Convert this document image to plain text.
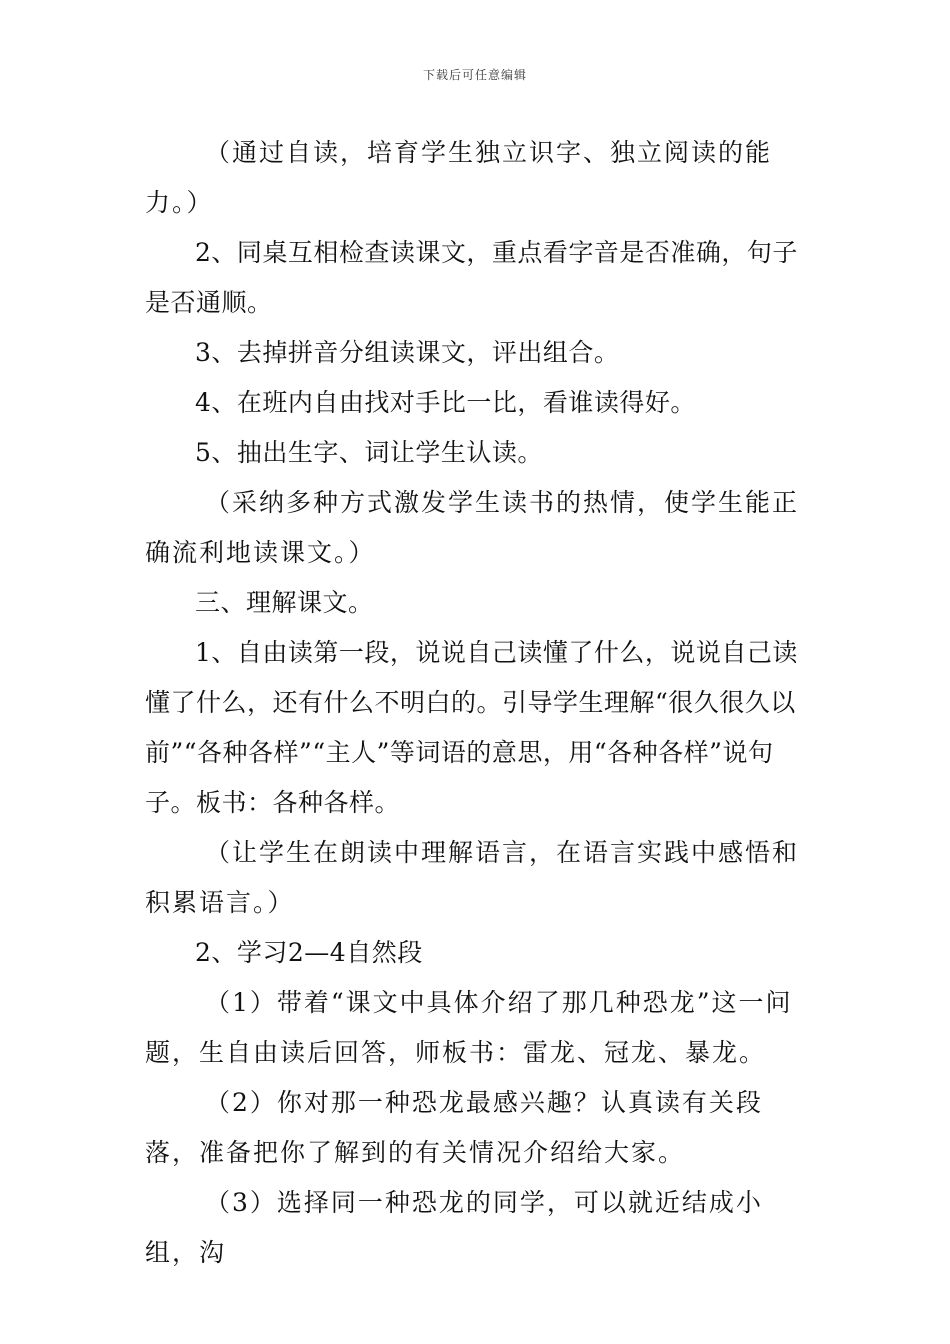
下载后可任意编辑

（通过自读，培育学生独立识字、独立阅读的能力。）

2、同桌互相检查读课文，重点看字音是否准确，句子是否通顺。

3、去掉拼音分组读课文，评出组合。

4、在班内自由找对手比一比，看谁读得好。

5、抽出生字、词让学生认读。

（采纳多种方式激发学生读书的热情，使学生能正确流利地读课文。）

三、理解课文。

1、自由读第一段，说说自己读懂了什么，说说自己读懂了什么，还有什么不明白的。引导学生理解“很久很久以前”“各种各样”“主人”等词语的意思，用“各种各样”说句子。板书：各种各样。

（让学生在朗读中理解语言，在语言实践中感悟和积累语言。）

2、学习2—4自然段

（1）带着“课文中具体介绍了那几种恐龙”这一问题，生自由读后回答，师板书：雷龙、冠龙、暴龙。

（2）你对那一种恐龙最感兴趣？认真读有关段落，准备把你了解到的有关情况介绍给大家。

（3）选择同一种恐龙的同学，可以就近结成小组，沟
